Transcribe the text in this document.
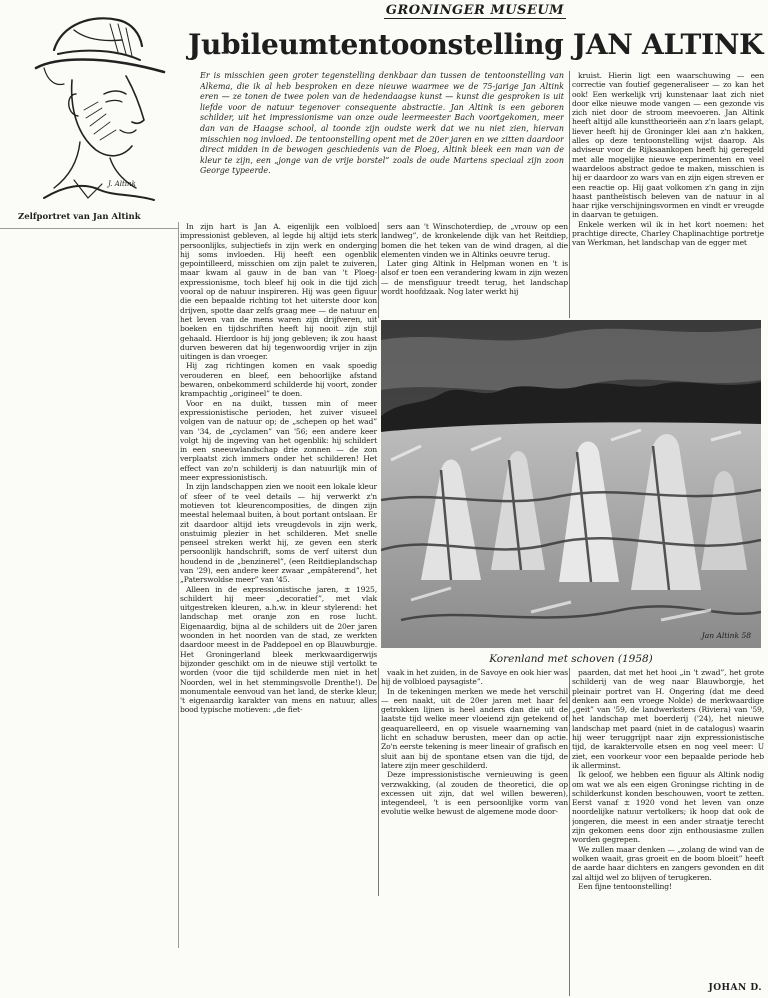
GRONINGER MUSEUM
Jubileumtentoonstelling JAN ALTINK
J. Altink
Zelfportret van Jan Altink
Er is misschien geen groter tegenstelling denkbaar dan tussen de tentoonstelling van Alkema, die ik al heb besproken en deze nieuwe waarmee we de 75-jarige Jan Altink eren — ze tonen de twee polen van de hedendaagse kunst — kunst die gesproken is uit liefde voor de natuur tegenover consequente abstractie. Jan Altink is een geboren schilder, uit het impressionisme van onze oude leermeester Bach voortgekomen, meer dan van de Haagse school, al toonde zijn oudste werk dat we nu niet zien, hiervan misschien nog invloed. De tentoonstelling opent met de 20er jaren en we zitten daardoor direct midden in de bewogen geschiedenis van de Ploeg, Altink bleek een man van de kleur te zijn, een „jonge van de vrije borstel” zoals de oude Martens speciaal zijn zoon George typeerde.

In zijn hart is Jan A. eigenlijk een volbloed impressionist gebleven, al legde hij altijd iets sterk persoonlijks, subjectiefs in zijn werk en onderging hij soms invloeden. Hij heeft een ogenblik gepointilleerd, misschien om zijn palet te zuiveren, maar kwam al gauw in de ban van 't Ploeg-expressionisme, toch bleef hij ook in die tijd zich vooral op de natuur inspireren. Hij was geen figuur die een bepaalde richting tot het uiterste door kon drijven, spotte daar zelfs graag mee — de natuur en het leven van de mens waren zijn drijfveren, uit boeken en tijdschriften heeft hij nooit zijn stijl gehaald. Hierdoor is hij jong gebleven; ik zou haast durven beweren dat hij tegenwoordig vrijer in zijn uitingen is dan vroeger.

Hij zag richtingen komen en vaak spoedig verouderen en bleef, een behoorlijke afstand bewaren, onbekommerd schilderde hij voort, zonder krampachtig „origineel” te doen.

Voor en na duikt, tussen min of meer expressionistische perioden, het zuiver visueel volgen van de natuur op; de „schepen op het wad” van '34, de „cyclamen” van '56; een andere keer volgt hij de ingeving van het ogenblik: hij schildert in een sneeuwlandschap drie zonnen — de zon verplaatst zich immers onder het schilderen! Het effect van zo'n schilderij is dan natuurlijk min of meer expressionistisch.

In zijn landschappen zien we nooit een lokale kleur of sfeer of te veel details — hij verwerkt z'n motieven tot kleurencomposities, de dingen zijn meestal helemaal buiten, à bout portant ontslaan. Er zit daardoor altijd iets vreugdevols in zijn werk, onstuimig plezier in het schilderen. Met snelle penseel streken werkt hij, ze geven een sterk persoonlijk handschrift, soms de verf uiterst dun houdend in de „benzinerel”, (een Reitdieplandschap van '29), een andere keer zwaar „empâterend”, het „Paterswoldse meer” van '45.

Alleen in de expressionistische jaren, ± 1925, schildert hij meer „decoratief”, met vlak uitgestreken kleuren, a.h.w. in kleur stylerend: het landschap met oranje zon en rose lucht. Eigenaardig, bijna al de schilders uit de 20er jaren woonden in het noorden van de stad, ze werkten daardoor meest in de Paddepoel en op Blauwburgje. Het Groningerland bleek merkwaardigerwijs bijzonder geschikt om in de nieuwe stijl vertolkt te worden (voor die tijd schilderde men niet in het Noorden, wel in het stemmingsvolle Drenthe!). De monumentale eenvoud van het land, de sterke kleur, 't eigenaardig karakter van mens en natuur, alles bood typische motieven: „de fiet-

sers aan 't Winschoterdiep, de „vrouw op een landweg”, de kronkelende dijk van het Reitdiep, bomen die het teken van de wind dragen, al die elementen vinden we in Altinks oeuvre terug.

Later ging Altink in Helpman wonen en 't is alsof er toen een verandering kwam in zijn wezen — de mensfiguur treedt terug, het landschap wordt hoofdzaak. Nog later werkt hij

kruist. Hierin ligt een waarschuwing — een correctie van foutief gegeneraliseer — zo kan het ook! Een werkelijk vrij kunstenaar laat zich niet door elke nieuwe mode vangen — een gezonde vis zich niet door de stroom meevoeren. Jan Altink heeft altijd alle kunsttheorieën aan z'n laars gelapt, liever heeft hij de Groninger klei aan z'n hakken, alles op deze tentoonstelling wijst daarop. Als adviseur voor de Rijksaankopen heeft hij geregeld met alle mogelijke nieuwe experimenten en veel waardeloos abstract gedoe te maken, misschien is hij er daardoor zo wars van en zijn eigen streven er een reactie op. Hij gaat volkomen z'n gang in zijn haast pantheïstisch beleven van de natuur in al haar rijke verschijningsvormen en vindt er vreugde in daarvan te getuigen.

Enkele werken wil ik in het kort noemen: het prachtige directe, Charley Chaplinachtige portretje van Werkman, het landschap van de egger met

Jan Altink 58
Korenland met schoven (1958)

vaak in het zuiden, in de Savoye en ook hier was hij de volbloed paysagiste”.

In de tekeningen merken we mede het verschil — een naakt, uit de 20er jaren met haar fel getrokken lijnen is heel anders dan die uit de laatste tijd welke meer vloeiend zijn getekend of geaquarelleerd, en op visuele waarneming van licht en schaduw berusten, meer dan op actie. Zo'n eerste tekening is meer lineair of grafisch en sluit aan bij de spontane etsen van die tijd, de latere zijn meer geschilderd.

Deze impressionistische vernieuwing is geen verzwakking, (al zouden de theoretici, die op excessen uit zijn, dat wel willen beweren), integendeel, 't is een persoonlijke vorm van evolutie welke bewust de algemene mode door-

paarden, dat met het hooi „in 't zwad”, het grote schilderij van de weg naar Blauwborgje, het pleinair portret van H. Ongering (dat me deed denken aan een vroege Nolde) de merkwaardige „geit” van '59, de landwerksters (Riviera) van '59, het landschap met boerderij ('24), het nieuwe landschap met paard (niet in de catalogus) waarin hij weer teruggrijpt naar zijn expressionistische tijd, de karaktervolle etsen en nog veel meer: U ziet, een voorkeur voor een bepaalde periode heb ik allerminst.

Ik geloof, we hebben een figuur als Altink nodig om wat we als een eigen Groningse richting in de schilderkunst konden beschouwen, voort te zetten. Eerst vanaf ± 1920 vond het leven van onze noordelijke natuur vertolkers; ik hoop dat ook de jongeren, die meest in een ander straatje terecht zijn gekomen eens door zijn enthousiasme zullen worden gegrepen.

We zullen maar denken — „zolang de wind van de wolken waait, gras groeit en de boom bloeit” heeft de aarde haar dichters en zangers gevonden en dit zal altijd wel zo blijven of terugkeren.

Een fijne tentoonstelling!

JOHAN D.
